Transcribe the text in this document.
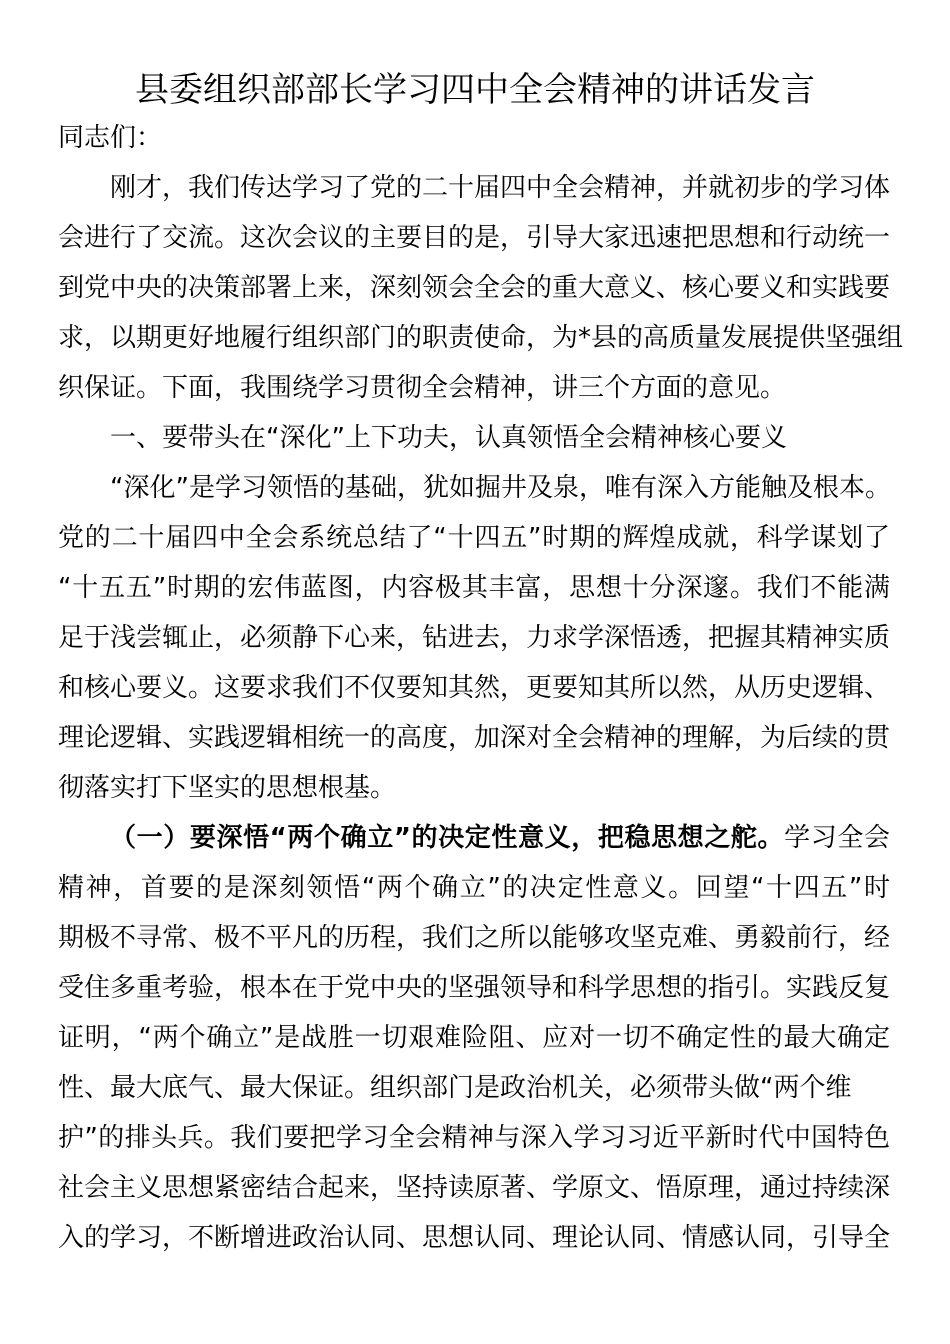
县委组织部部长学习四中全会精神的讲话发言
同志们：
刚才，我们传达学习了党的二十届四中全会精神，并就初步的学习体
会进行了交流。这次会议的主要目的是，引导大家迅速把思想和行动统一
到党中央的决策部署上来，深刻领会全会的重大意义、核心要义和实践要
求，以期更好地履行组织部门的职责使命，为*县的高质量发展提供坚强组
织保证。下面，我围绕学习贯彻全会精神，讲三个方面的意见。
一、要带头在“深化”上下功夫，认真领悟全会精神核心要义
“深化”是学习领悟的基础，犹如掘井及泉，唯有深入方能触及根本。
党的二十届四中全会系统总结了“十四五”时期的辉煌成就，科学谋划了
“十五五”时期的宏伟蓝图，内容极其丰富，思想十分深邃。我们不能满
足于浅尝辄止，必须静下心来，钻进去，力求学深悟透，把握其精神实质
和核心要义。这要求我们不仅要知其然，更要知其所以然，从历史逻辑、
理论逻辑、实践逻辑相统一的高度，加深对全会精神的理解，为后续的贯
彻落实打下坚实的思想根基。
（一）要深悟“两个确立”的决定性意义，把稳思想之舵。学习全会
精神，首要的是深刻领悟“两个确立”的决定性意义。回望“十四五”时
期极不寻常、极不平凡的历程，我们之所以能够攻坚克难、勇毅前行，经
受住多重考验，根本在于党中央的坚强领导和科学思想的指引。实践反复
证明，“两个确立”是战胜一切艰难险阻、应对一切不确定性的最大确定
性、最大底气、最大保证。组织部门是政治机关，必须带头做“两个维
护”的排头兵。我们要把学习全会精神与深入学习习近平新时代中国特色
社会主义思想紧密结合起来，坚持读原著、学原文、悟原理，通过持续深
入的学习，不断增进政治认同、思想认同、理论认同、情感认同，引导全
